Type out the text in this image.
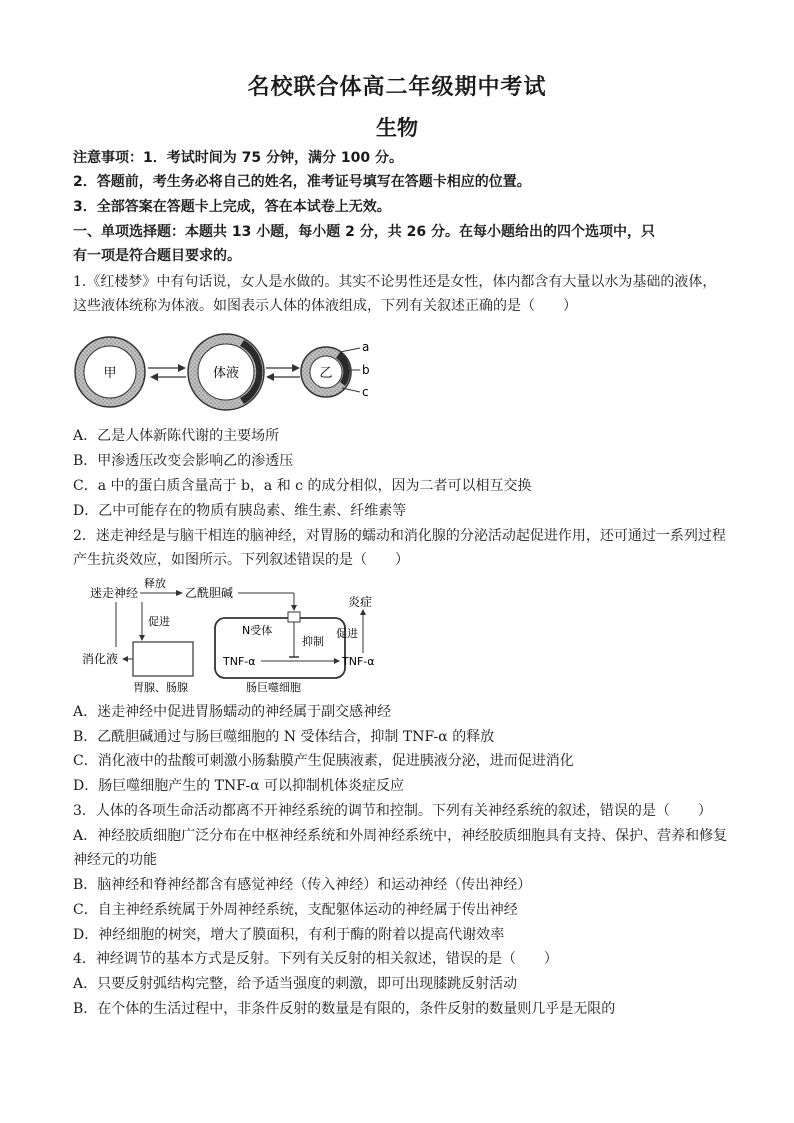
名校联合体高二年级期中考试
生物
注意事项：1．考试时间为 75 分钟，满分 100 分。
2．答题前，考生务必将自己的姓名，准考证号填写在答题卡相应的位置。
3．全部答案在答题卡上完成，答在本试卷上无效。
一、单项选择题：本题共 13 小题，每小题 2 分，共 26 分。在每小题给出的四个选项中，只
有一项是符合题目要求的。
1.《红楼梦》中有句话说，女人是水做的。其实不论男性还是女性，体内都含有大量以水为基础的液体，
这些液体统称为体液。如图表示人体的体液组成，下列有关叙述正确的是（　　）
甲	体液	乙
a
b
c
A．乙是人体新陈代谢的主要场所
B．甲渗透压改变会影响乙的渗透压
C．a 中的蛋白质含量高于 b，a 和 c 的成分相似，因为二者可以相互交换
D．乙中可能存在的物质有胰岛素、维生素、纤维素等
2．迷走神经是与脑干相连的脑神经，对胃肠的蠕动和消化腺的分泌活动起促进作用，还可通过一系列过程
产生抗炎效应，如图所示。下列叙述错误的是（　　）
迷走神经
释放
乙酰胆碱
促进
消化液
胃腺、肠腺
N受体
抑制
TNF-α	TNF-α
肠巨噬细胞
炎症
促进
A．迷走神经中促进胃肠蠕动的神经属于副交感神经
B．乙酰胆碱通过与肠巨噬细胞的 N 受体结合，抑制 TNF-α 的释放
C．消化液中的盐酸可刺激小肠黏膜产生促胰液素，促进胰液分泌，进而促进消化
D．肠巨噬细胞产生的 TNF-α 可以抑制机体炎症反应
3．人体的各项生命活动都离不开神经系统的调节和控制。下列有关神经系统的叙述，错误的是（　　）
A．神经胶质细胞广泛分布在中枢神经系统和外周神经系统中，神经胶质细胞具有支持、保护、营养和修复
神经元的功能
B．脑神经和脊神经都含有感觉神经（传入神经）和运动神经（传出神经）
C．自主神经系统属于外周神经系统，支配躯体运动的神经属于传出神经
D．神经细胞的树突，增大了膜面积，有利于酶的附着以提高代谢效率
4．神经调节的基本方式是反射。下列有关反射的相关叙述，错误的是（　　）
A．只要反射弧结构完整，给予适当强度的刺激，即可出现膝跳反射活动
B．在个体的生活过程中，非条件反射的数量是有限的，条件反射的数量则几乎是无限的
